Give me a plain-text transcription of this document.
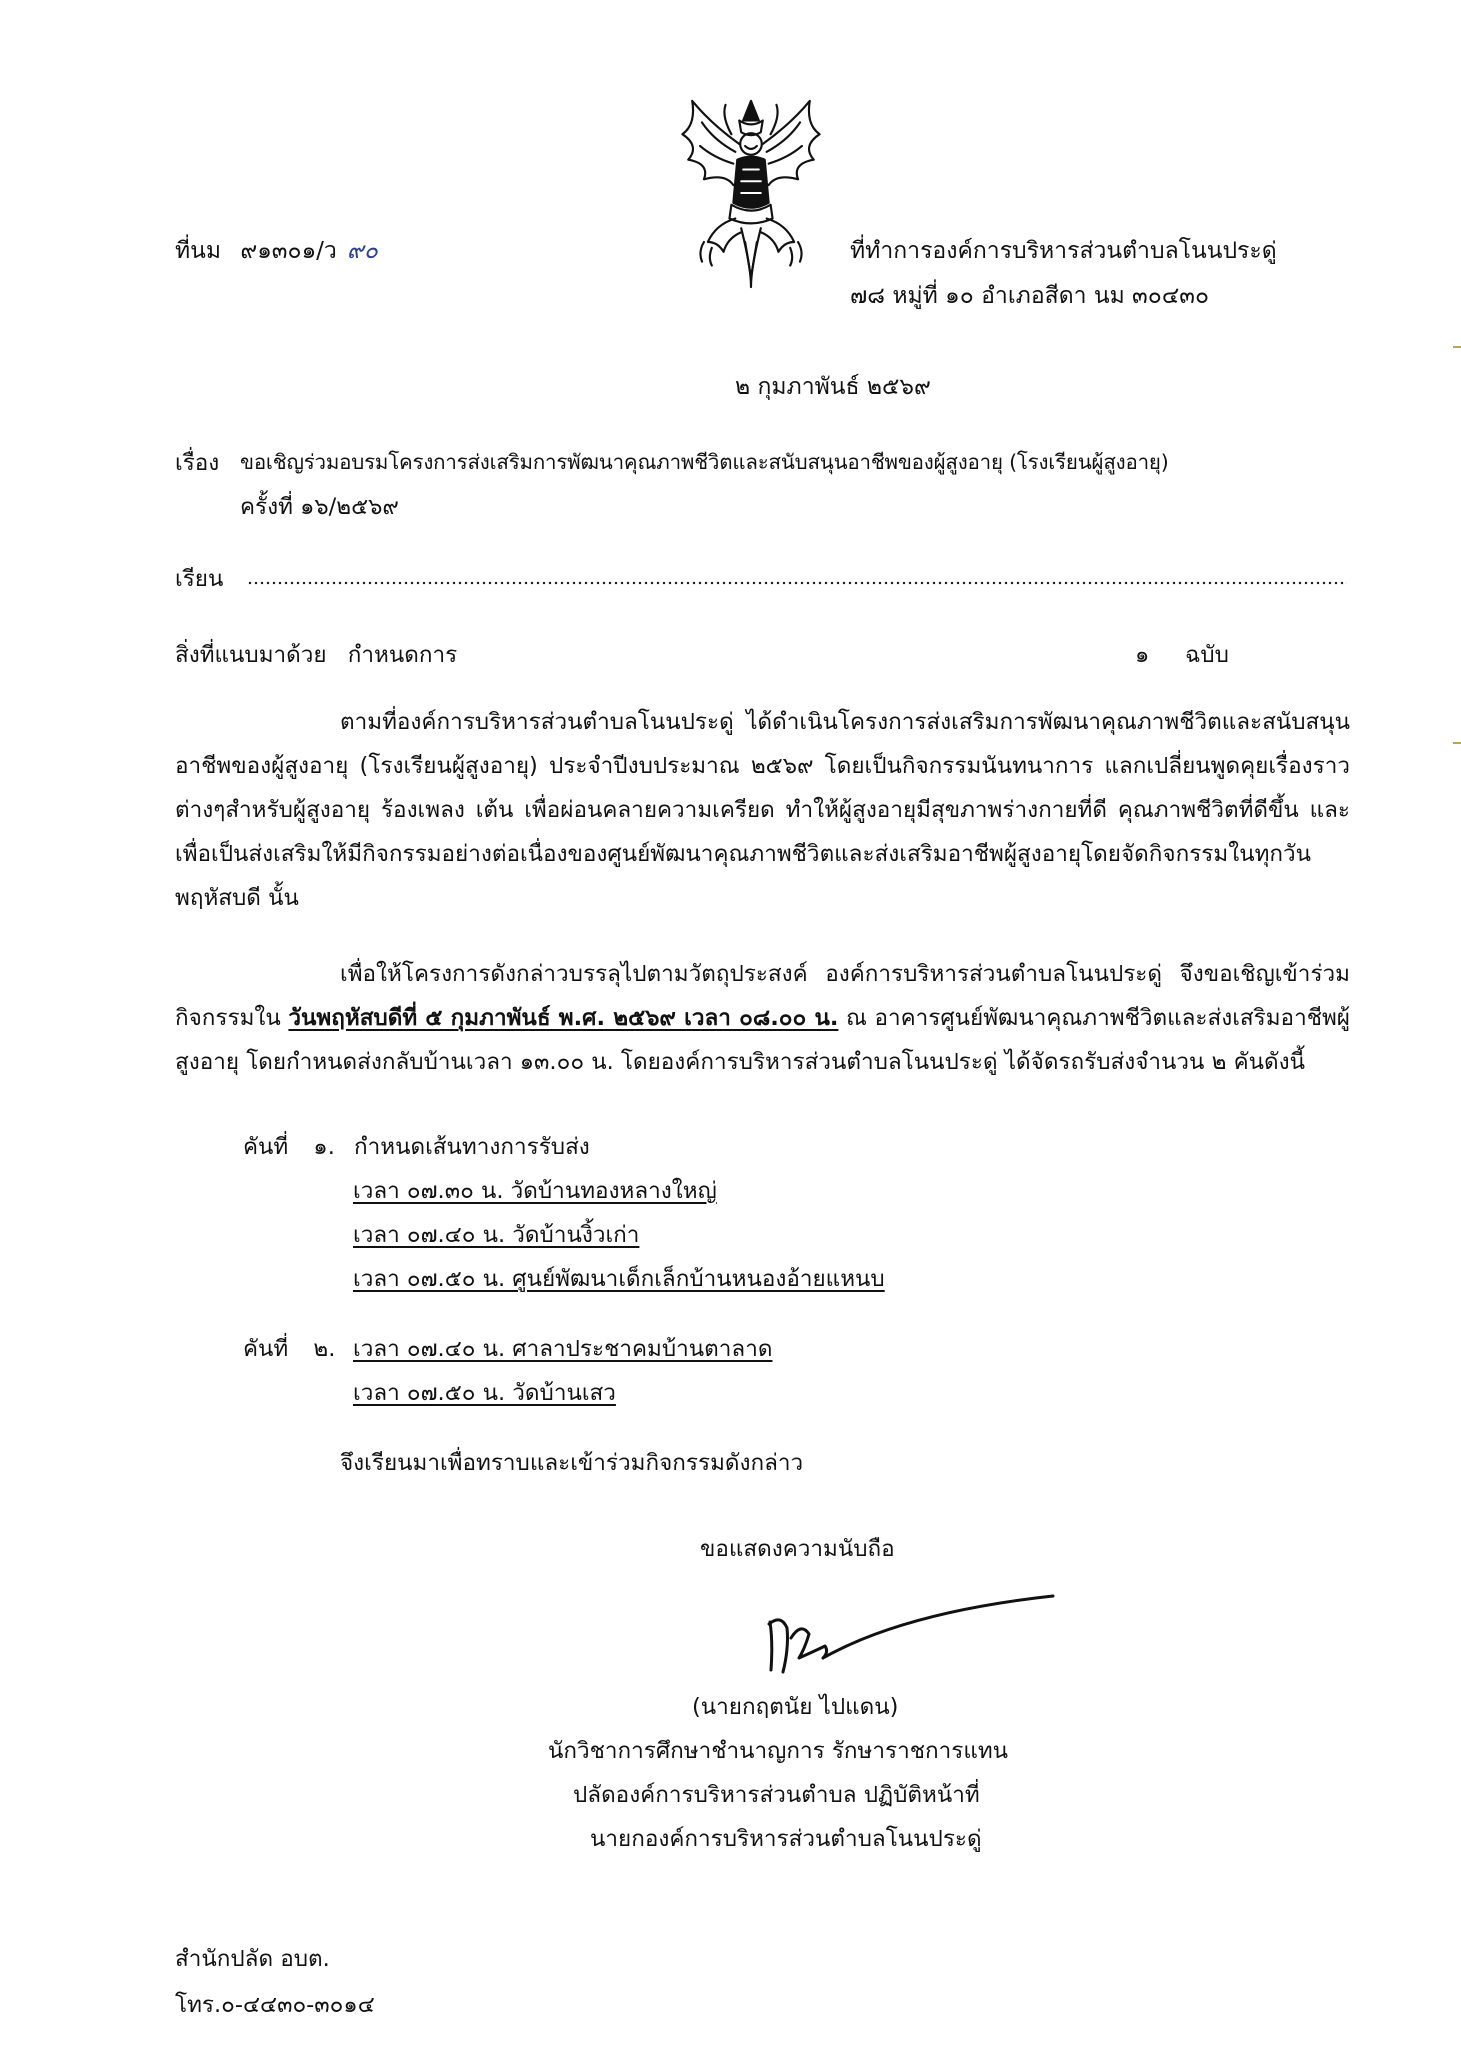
ที่นม ๙๑๓๐๑/ว ๙๐	ที่ทำการองค์การบริหารส่วนตำบลโนนประดู่
๗๘ หมู่ที่ ๑๐ อำเภอสีดา นม ๓๐๔๓๐
๒ กุมภาพันธ์ ๒๕๖๙
เรื่อง ขอเชิญร่วมอบรมโครงการส่งเสริมการพัฒนาคุณภาพชีวิตและสนับสนุนอาชีพของผู้สูงอายุ (โรงเรียนผู้สูงอายุ)
ครั้งที่ ๑๖/๒๕๖๙
เรียน
สิ่งที่แนบมาด้วย กำหนดการ	๑ ฉบับ
ตามที่องค์การบริหารส่วนตำบลโนนประดู่ ได้ดำเนินโครงการส่งเสริมการพัฒนาคุณภาพชีวิตและสนับสนุนอาชีพของผู้สูงอายุ (โรงเรียนผู้สูงอายุ) ประจำปีงบประมาณ ๒๕๖๙ โดยเป็นกิจกรรมนันทนาการ แลกเปลี่ยนพูดคุยเรื่องราวต่างๆสำหรับผู้สูงอายุ ร้องเพลง เต้น เพื่อผ่อนคลายความเครียด ทำให้ผู้สูงอายุมีสุขภาพร่างกายที่ดี คุณภาพชีวิตที่ดีขึ้น และเพื่อเป็นส่งเสริมให้มีกิจกรรมอย่างต่อเนื่องของศูนย์พัฒนาคุณภาพชีวิตและส่งเสริมอาชีพผู้สูงอายุโดยจัดกิจกรรมในทุกวันพฤหัสบดี นั้น
เพื่อให้โครงการดังกล่าวบรรลุไปตามวัตถุประสงค์ องค์การบริหารส่วนตำบลโนนประดู่ จึงขอเชิญเข้าร่วมกิจกรรมใน วันพฤหัสบดีที่ ๕ กุมภาพันธ์ พ.ศ. ๒๕๖๙ เวลา ๐๘.๐๐ น. ณ อาคารศูนย์พัฒนาคุณภาพชีวิตและส่งเสริมอาชีพผู้สูงอายุ โดยกำหนดส่งกลับบ้านเวลา ๑๓.๐๐ น. โดยองค์การบริหารส่วนตำบลโนนประดู่ ได้จัดรถรับส่งจำนวน ๒ คันดังนี้
คันที่ ๑. กำหนดเส้นทางการรับส่ง
เวลา ๐๗.๓๐ น. วัดบ้านทองหลางใหญ่
เวลา ๐๗.๔๐ น. วัดบ้านงิ้วเก่า
เวลา ๐๗.๕๐ น. ศูนย์พัฒนาเด็กเล็กบ้านหนองอ้ายแหนบ
คันที่ ๒. เวลา ๐๗.๔๐ น. ศาลาประชาคมบ้านตาลาด
เวลา ๐๗.๕๐ น. วัดบ้านเสว
จึงเรียนมาเพื่อทราบและเข้าร่วมกิจกรรมดังกล่าว
ขอแสดงความนับถือ
(นายกฤตนัย ไปแดน)
นักวิชาการศึกษาชำนาญการ รักษาราชการแทน
ปลัดองค์การบริหารส่วนตำบล ปฏิบัติหน้าที่
นายกองค์การบริหารส่วนตำบลโนนประดู่
สำนักปลัด อบต.
โทร.๐-๔๔๓๐-๓๐๑๔
